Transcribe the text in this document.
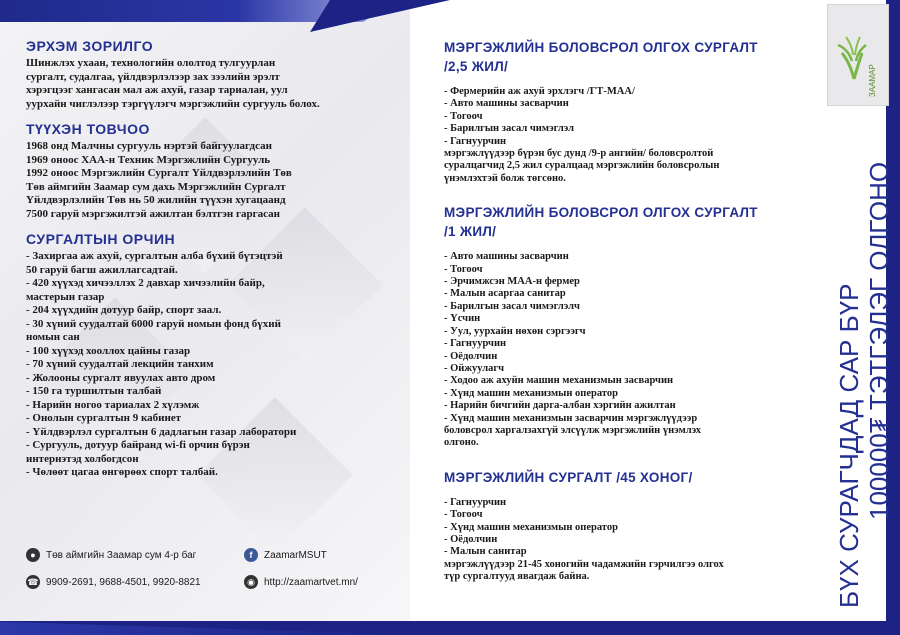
ЭРХЭМ ЗОРИЛГО
Шинжлэх ухаан, технологийн ололтод тулгуурлан
сургалт, судалгаа, үйлдвэрлэлээр зах зээлийн эрэлт
хэрэгцээг хангасан мал аж ахуй, газар тариалан, уул
уурхайн чиглэлээр тэргүүлэгч мэргэжлийн сургууль болох.
ТҮҮХЭН ТОВЧОО
1968 онд Малчны сургууль нэртэй байгуулагдсан
1969 оноос ХАА-н Техник Мэргэжлийн Сургууль
1992 оноос Мэргэжлийн Сургалт Үйлдвэрлэлийн Төв
Төв аймгийн Заамар сум дахь Мэргэжлийн Сургалт
Үйлдвэрлэлийн Төв нь 50 жилийн түүхэн хугацаанд
7500 гаруй мэргэжилтэй ажилтан бэлтгэн гаргасан
СУРГАЛТЫН ОРЧИН
- Захиргаа аж ахуй, сургалтын алба бүхий бүтэцтэй
50 гаруй багш ажиллагсадтай.
- 420 хүүхэд хичээллэх 2 давхар хичээлийн байр,
мастерын газар
- 204 хүүхдийн дотуур байр, спорт заал.
- 30 хүний суудалтай 6000 гаруй номын фонд бүхий
номын сан
- 100 хүүхэд хооллох цайны газар
- 70 хүний суудалтай лекцийн танхим
- Жолооны сургалт явуулах авто дром
- 150 га туршилтын талбай
- Нарийн ногоо тариалах 2 хүлэмж
- Онолын сургалтын 9 кабинет
- Үйлдвэрлэл сургалтын 6 дадлагын газар лаборатори
- Сургууль, дотуур байранд wi-fi орчин бүрэн
интернэтэд холбогдсон
- Чөлөөт цагаа өнгөрөөх спорт талбай.
●	Төв аймгийн Заамар сум 4-р баг	f	ZaamarMSUT
☎ 9909-2691, 9688-4501, 9920-8821	◉ http://zaamartvet.mn/
МЭРГЭЖЛИЙН БОЛОВСРОЛ ОЛГОХ СУРГАЛТ
/2,5 ЖИЛ/
- Фермерийн аж ахуй эрхлэгч /ГТ-МАА/
- Авто машины засварчин
- Тогооч
- Барилгын засал чимэглэл
- Гагнуурчин
мэргэжлүүдээр бүрэн бус дунд /9-р ангийн/ боловсролтой
суралцагчид 2,5 жил суралцаад мэргэжлийн боловсролын
үнэмлэхтэй болж төгсөно.
МЭРГЭЖЛИЙН БОЛОВСРОЛ ОЛГОХ СУРГАЛТ
/1 ЖИЛ/
- Авто машины засварчин
- Тогооч
- Эрчимжсэн МАА-н фермер
- Малын асаргаа санитар
- Барилгын засал чимэглэлч
- Үсчин
- Уул, уурхайн нөхөн сэргээгч
- Гагнуурчин
- Оёдолчин
- Ойжуулагч
- Ходоо аж ахуйн машин механизмын засварчин
- Хүнд машин механизмын оператор
- Нарийн бичгийн дарга-албан хэргийн ажилтан
- Хүнд машин механизмын засварчин мэргэжлүүдээр
боловсрол харгалзахгүй элсүүлж мэргэжлийн үнэмлэх
олгоно.
МЭРГЭЖЛИЙН СУРГАЛТ /45 ХОНОГ/
- Гагнуурчин
- Тогооч
- Хүнд машин механизмын оператор
- Оёдолчин
- Малын санитар
мэргэжлүүдээр 21-45 хоногийн чадамжийн гэрчилгээ олгох
түр сургалтууд явагдаж байна.
ЗААМАР
БҮХ СУРАГЧДАД САР БҮР 100000₮ ТЭТГЭЛЭГ ОЛГОНО
